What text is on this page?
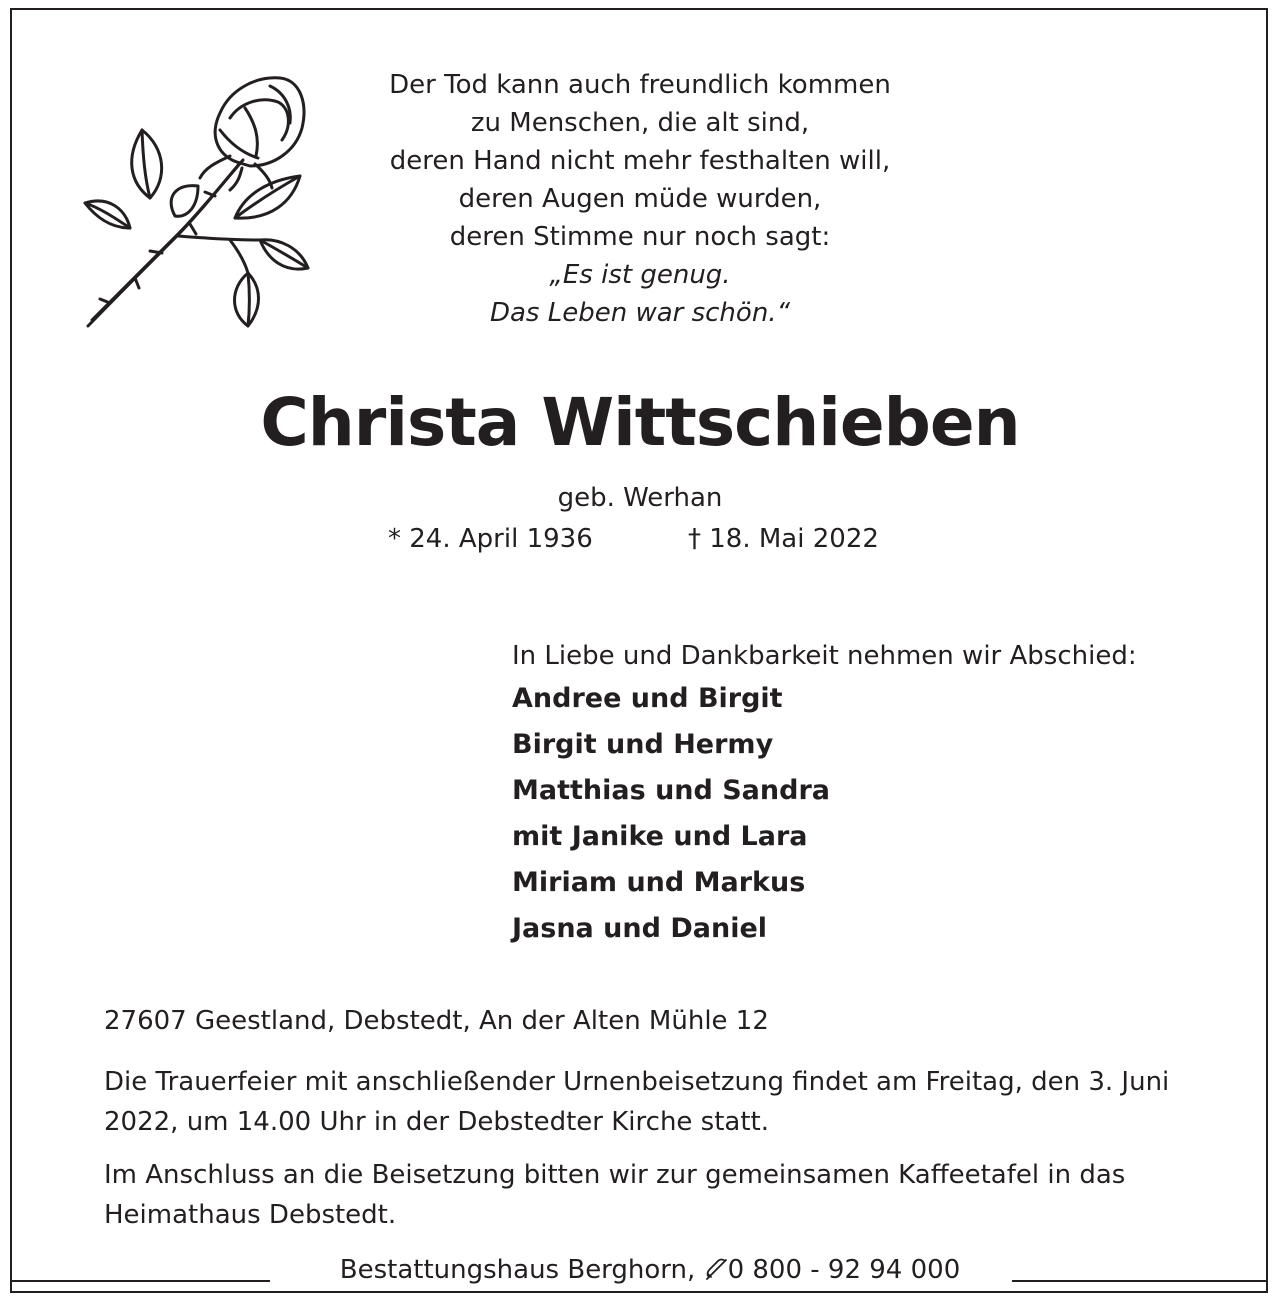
Der Tod kann auch freundlich kommen
zu Menschen, die alt sind,
deren Hand nicht mehr festhalten will,
deren Augen müde wurden,
deren Stimme nur noch sagt:
„Es ist genug.
Das Leben war schön.“
Christa Wittschieben
geb. Werhan
* 24. April 1936	† 18. Mai 2022
In Liebe und Dankbarkeit nehmen wir Abschied:
Andree und Birgit
Birgit und Hermy
Matthias und Sandra
mit Janike und Lara
Miriam und Markus
Jasna und Daniel
27607 Geestland, Debstedt, An der Alten Mühle 12
Die Trauerfeier mit anschließender Urnenbeisetzung findet am Freitag, den 3. Juni 2022, um 14.00 Uhr in der Debstedter Kirche statt.
Im Anschluss an die Beisetzung bitten wir zur gemeinsamen Kaffeetafel in das Heimathaus Debstedt.
Bestattungshaus Berghorn, 0 800 - 92 94 000
